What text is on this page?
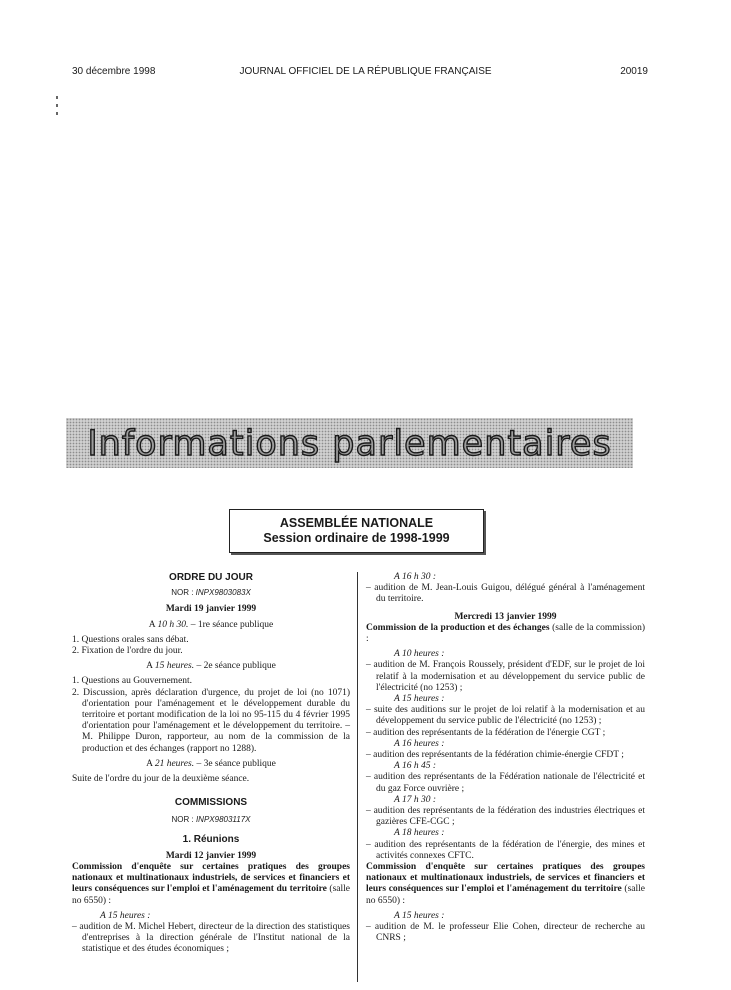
30 décembre 1998	JOURNAL OFFICIEL DE LA RÉPUBLIQUE FRANÇAISE	20019
Informations parlementaires
ASSEMBLÉE NATIONALE
Session ordinaire de 1998-1999
ORDRE DU JOUR
NOR : INPX9803083X
Mardi 19 janvier 1999
A 10 h 30. – 1re séance publique
1. Questions orales sans débat.
2. Fixation de l'ordre du jour.
A 15 heures. – 2e séance publique
1. Questions au Gouvernement.
2. Discussion, après déclaration d'urgence, du projet de loi (no 1071) d'orientation pour l'aménagement et le développement durable du territoire et portant modification de la loi no 95-115 du 4 février 1995 d'orientation pour l'aménagement et le développement du territoire. – M. Philippe Duron, rapporteur, au nom de la commission de la production et des échanges (rapport no 1288).
A 21 heures. – 3e séance publique
Suite de l'ordre du jour de la deuxième séance.
COMMISSIONS
NOR : INPX9803117X
1. Réunions
Mardi 12 janvier 1999
Commission d'enquête sur certaines pratiques des groupes nationaux et multinationaux industriels, de services et financiers et leurs conséquences sur l'emploi et l'aménagement du territoire (salle no 6550) :
A 15 heures :
– audition de M. Michel Hebert, directeur de la direction des statistiques d'entreprises à la direction générale de l'Institut national de la statistique et des études économiques ;
A 16 h 30 :
– audition de M. Jean-Louis Guigou, délégué général à l'aménagement du territoire.
Mercredi 13 janvier 1999
Commission de la production et des échanges (salle de la commission) :
A 10 heures :
– audition de M. François Roussely, président d'EDF, sur le projet de loi relatif à la modernisation et au développement du service public de l'électricité (no 1253) ;
A 15 heures :
– suite des auditions sur le projet de loi relatif à la modernisation et au développement du service public de l'électricité (no 1253) ;
– audition des représentants de la fédération de l'énergie CGT ;
A 16 heures :
– audition des représentants de la fédération chimie-énergie CFDT ;
A 16 h 45 :
– audition des représentants de la Fédération nationale de l'électricité et du gaz Force ouvrière ;
A 17 h 30 :
– audition des représentants de la fédération des industries électriques et gazières CFE-CGC ;
A 18 heures :
– audition des représentants de la fédération de l'énergie, des mines et activités connexes CFTC.
Commission d'enquête sur certaines pratiques des groupes nationaux et multinationaux industriels, de services et financiers et leurs conséquences sur l'emploi et l'aménagement du territoire (salle no 6550) :
A 15 heures :
– audition de M. le professeur Elie Cohen, directeur de recherche au CNRS ;
